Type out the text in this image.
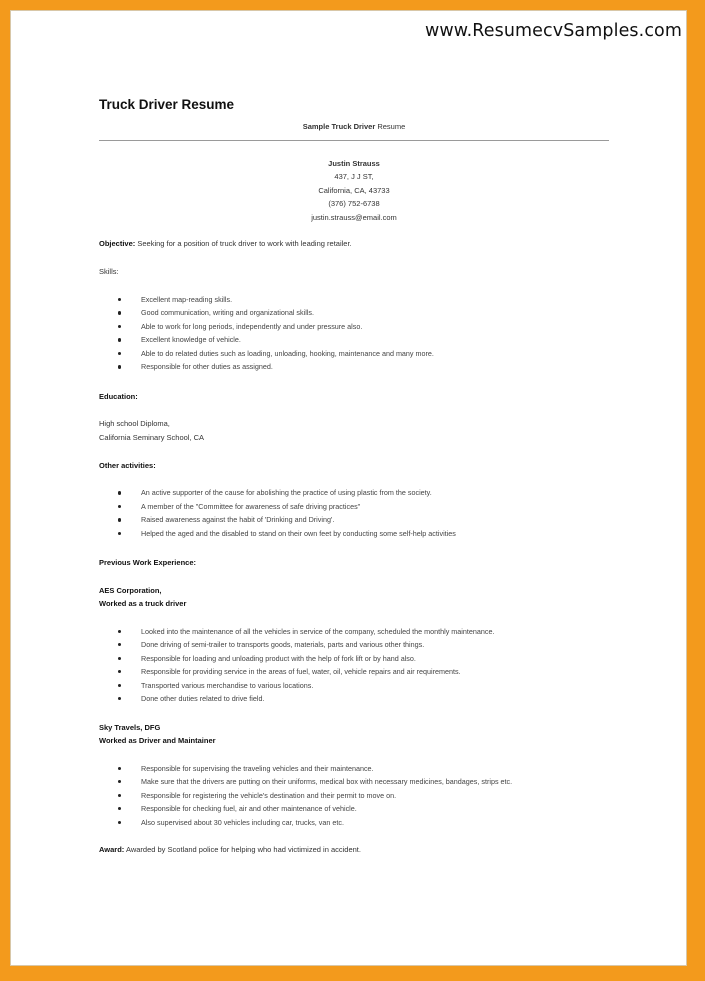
www.ResumecvSamples.com
Truck Driver Resume
Sample Truck Driver Resume
Justin Strauss
437, J J ST,
California, CA, 43733
(376) 752-6738
justin.strauss@email.com
Objective: Seeking for a position of truck driver to work with leading retailer.
Skills:
Excellent map-reading skills.
Good communication, writing and organizational skills.
Able to work for long periods, independently and under pressure also.
Excellent knowledge of vehicle.
Able to do related duties such as loading, unloading, hooking, maintenance and many more.
Responsible for other duties as assigned.
Education:
High school Diploma,
California Seminary School, CA
Other activities:
An active supporter of the cause for abolishing the practice of using plastic from the society.
A member of the "Committee for awareness of safe driving practices"
Raised awareness against the habit of 'Drinking and Driving'.
Helped the aged and the disabled to stand on their own feet by conducting some self-help activities
Previous Work Experience:
AES Corporation,
Worked as a truck driver
Looked into the maintenance of all the vehicles in service of the company, scheduled the monthly maintenance.
Done driving of semi-trailer to transports goods, materials, parts and various other things.
Responsible for loading and unloading product with the help of fork lift or by hand also.
Responsible for providing service in the areas of fuel, water, oil, vehicle repairs and air requirements.
Transported various merchandise to various locations.
Done other duties related to drive field.
Sky Travels, DFG
Worked as Driver and Maintainer
Responsible for supervising the traveling vehicles and their maintenance.
Make sure that the drivers are putting on their uniforms, medical box with necessary medicines, bandages, strips etc.
Responsible for registering the vehicle's destination and their permit to move on.
Responsible for checking fuel, air and other maintenance of vehicle.
Also supervised about 30 vehicles including car, trucks, van etc.
Award: Awarded by Scotland police for helping who had victimized in accident.
